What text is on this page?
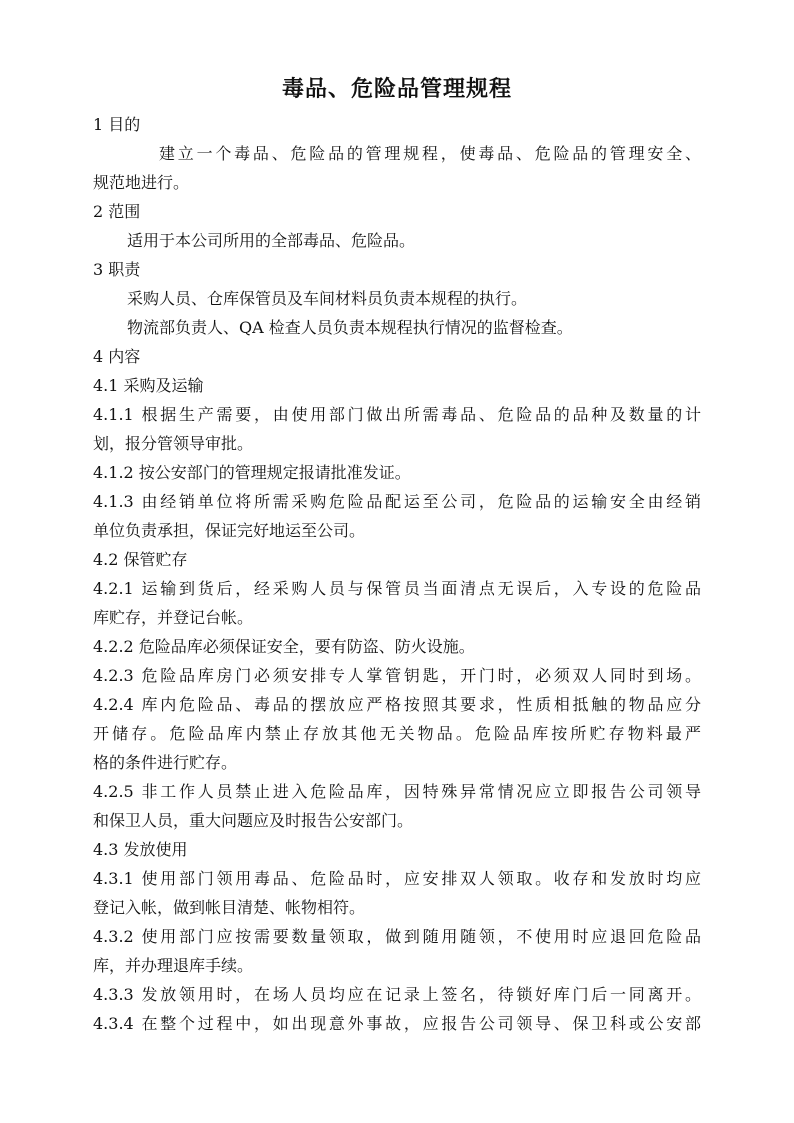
毒品、危险品管理规程
1 目的
建立一个毒品、危险品的管理规程，使毒品、危险品的管理安全、
规范地进行。
2 范围
适用于本公司所用的全部毒品、危险品。
3 职责
采购人员、仓库保管员及车间材料员负责本规程的执行。
物流部负责人、QA 检查人员负责本规程执行情况的监督检查。
4 内容
4.1 采购及运输
4.1.1 根据生产需要，由使用部门做出所需毒品、危险品的品种及数量的计
划，报分管领导审批。
4.1.2 按公安部门的管理规定报请批准发证。
4.1.3 由经销单位将所需采购危险品配运至公司，危险品的运输安全由经销
单位负责承担，保证完好地运至公司。
4.2 保管贮存
4.2.1 运输到货后，经采购人员与保管员当面清点无误后，入专设的危险品
库贮存，并登记台帐。
4.2.2 危险品库必须保证安全，要有防盗、防火设施。
4.2.3 危险品库房门必须安排专人掌管钥匙，开门时，必须双人同时到场。
4.2.4 库内危险品、毒品的摆放应严格按照其要求，性质相抵触的物品应分
开储存。危险品库内禁止存放其他无关物品。危险品库按所贮存物料最严
格的条件进行贮存。
4.2.5 非工作人员禁止进入危险品库，因特殊异常情况应立即报告公司领导
和保卫人员，重大问题应及时报告公安部门。
4.3 发放使用
4.3.1 使用部门领用毒品、危险品时，应安排双人领取。收存和发放时均应
登记入帐，做到帐目清楚、帐物相符。
4.3.2 使用部门应按需要数量领取，做到随用随领，不使用时应退回危险品
库，并办理退库手续。
4.3.3 发放领用时，在场人员均应在记录上签名，待锁好库门后一同离开。
4.3.4 在整个过程中，如出现意外事故，应报告公司领导、保卫科或公安部
